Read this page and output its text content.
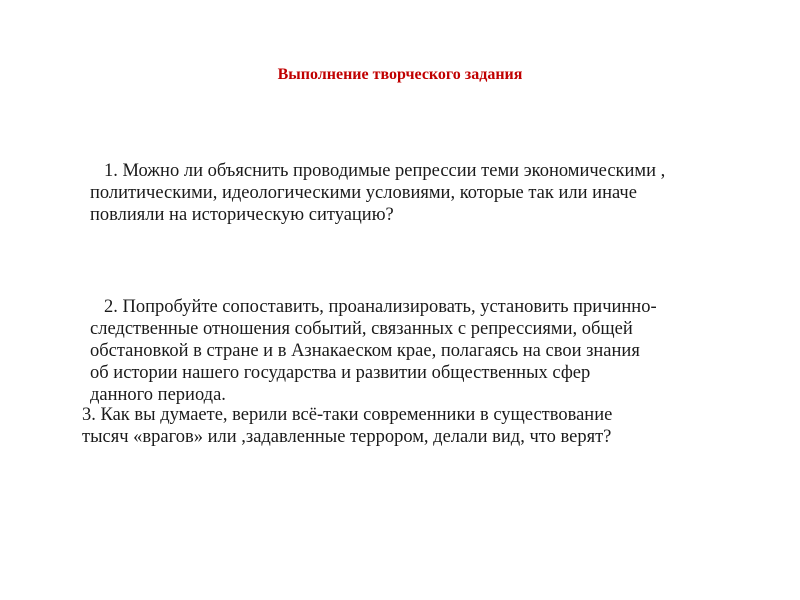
Выполнение творческого задания

1. Можно ли объяснить проводимые репрессии теми экономическими ,
политическими, идеологическими условиями, которые так или иначе
повлияли на историческую ситуацию?

2. Попробуйте сопоставить, проанализировать, установить причинно-
следственные отношения событий, связанных с репрессиями, общей
обстановкой в стране и в Азнакаеском крае, полагаясь на свои знания
об истории нашего государства и развитии общественных сфер
данного периода.

3. Как вы думаете, верили всё-таки современники в существование
тысяч «врагов» или ,задавленные террором, делали вид, что верят?
